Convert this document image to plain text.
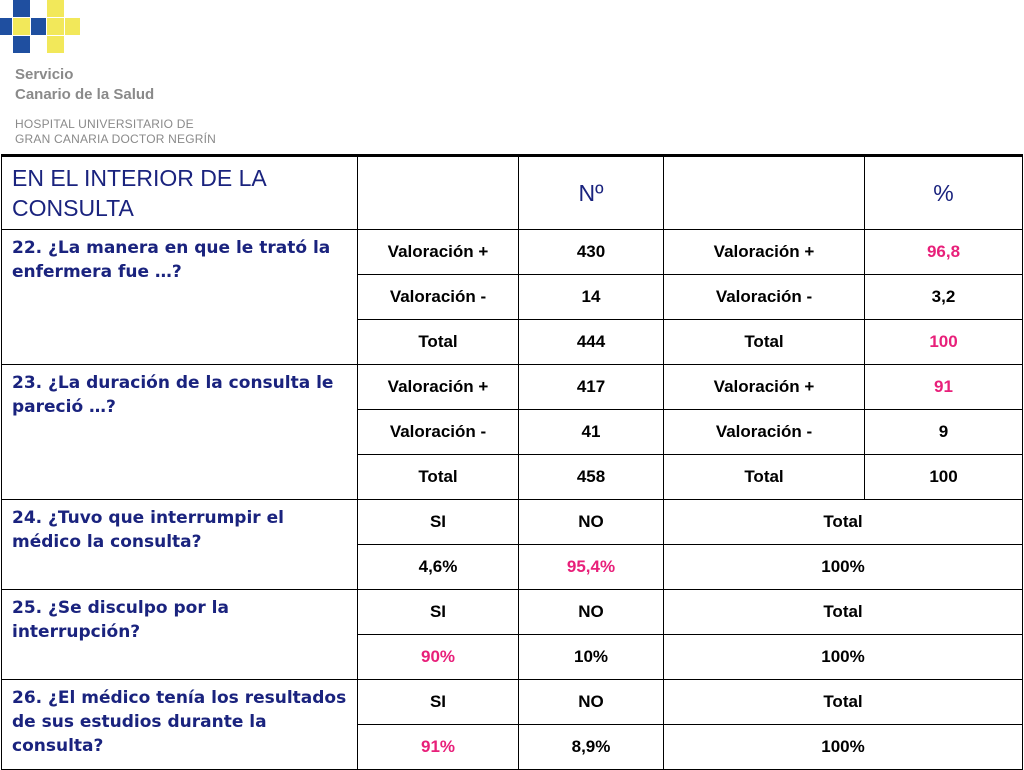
Servicio
Canario de la Salud
HOSPITAL UNIVERSITARIO DE
GRAN CANARIA DOCTOR NEGRÍN
EN EL INTERIOR DE LA CONSULTA		Nº		%
22. ¿La manera en que le trató la enfermera fue …?	Valoración +	430	Valoración +	96,8
	Valoración -	14	Valoración -	3,2
	Total	444	Total	100
23. ¿La duración de la consulta le pareció …?	Valoración +	417	Valoración +	91
	Valoración -	41	Valoración -	9
	Total	458	Total	100
24. ¿Tuvo que interrumpir el médico la consulta?	SI	NO	Total	
	4,6%	95,4%	100%	
25. ¿Se disculpo por la interrupción?	SI	NO	Total	
	90%	10%	100%	
26. ¿El médico tenía los resultados de sus estudios durante la consulta?	SI	NO	Total	
	91%	8,9%	100%	
